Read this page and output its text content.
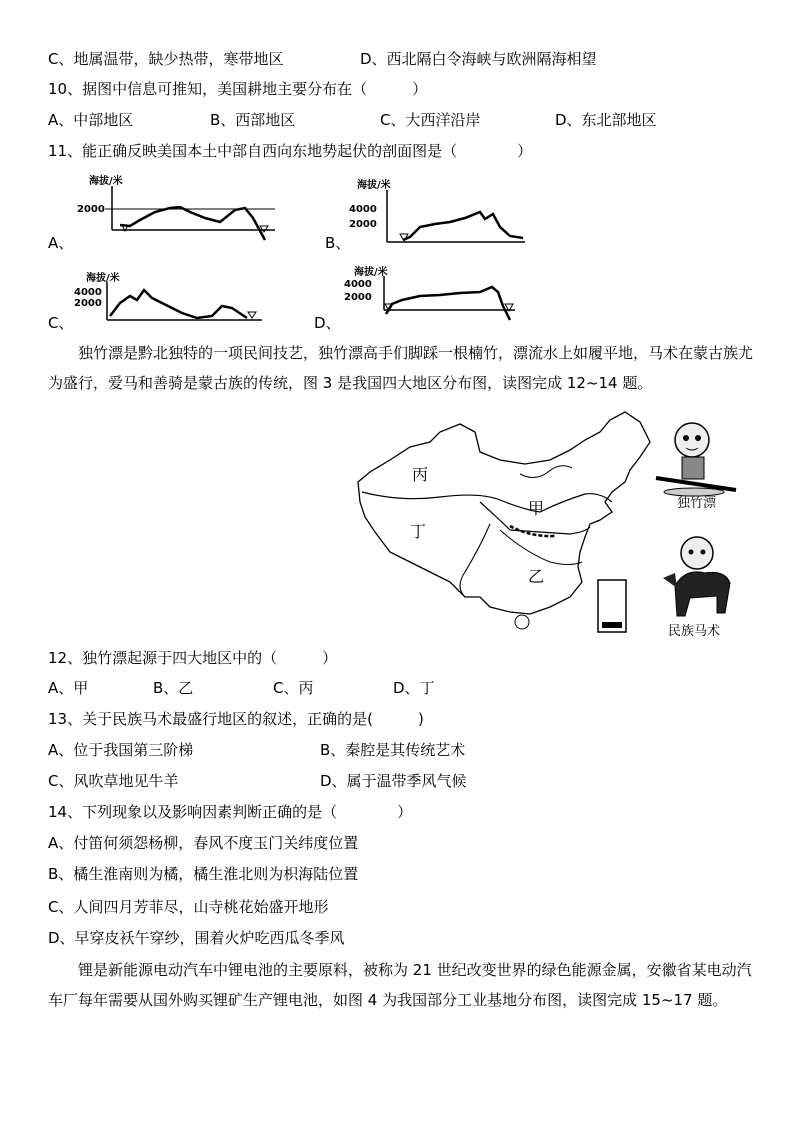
C、地属温带，缺少热带，寒带地区	D、西北隔白令海峡与欧洲隔海相望
10、据图中信息可推知，美国耕地主要分布在（　　　）
A、中部地区	B、西部地区	C、大西洋沿岸	D、东北部地区
11、能正确反映美国本土中部自西向东地势起伏的剖面图是（　　　　）
A、
海拔/米
2000
B、
海拔/米
4000
2000
C、
海拔/米
4000
2000
D、
海拔/米
4000
2000
独竹漂是黔北独特的一项民间技艺，独竹漂高手们脚踩一根楠竹，漂流水上如履平地，马术在蒙古族尤为盛行，爱马和善骑是蒙古族的传统，图 3 是我国四大地区分布图，读图完成 12~14 题。
丙
甲
丁
乙
独竹漂
民族马术
12、独竹漂起源于四大地区中的（　　　）
A、甲	B、乙	C、丙	D、丁
13、关于民族马术最盛行地区的叙述，正确的是(　　　)
A、位于我国第三阶梯	B、秦腔是其传统艺术
C、风吹草地见牛羊	D、属于温带季风气候
14、下列现象以及影响因素判断正确的是（　　　　）
A、付笛何须怨杨柳，春风不度玉门关纬度位置
B、橘生淮南则为橘，橘生淮北则为枳海陆位置
C、人间四月芳菲尽，山寺桃花始盛开地形
D、早穿皮袄午穿纱，围着火炉吃西瓜冬季风
锂是新能源电动汽车中锂电池的主要原料，被称为 21 世纪改变世界的绿色能源金属，安徽省某电动汽车厂每年需要从国外购买锂矿生产锂电池，如图 4 为我国部分工业基地分布图，读图完成 15~17 题。
